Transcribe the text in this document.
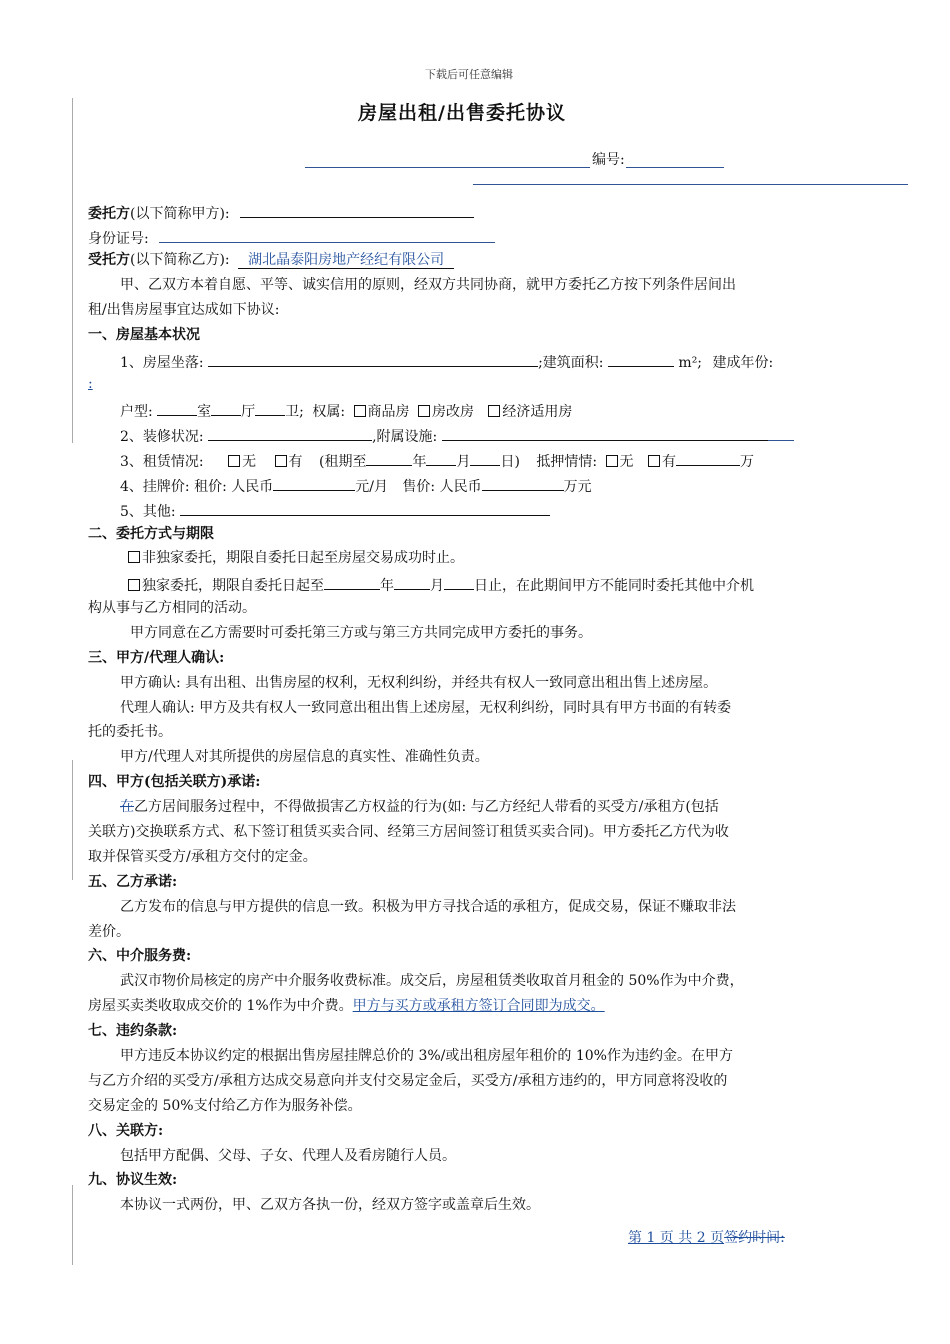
下载后可任意编辑
房屋出租/出售委托协议
编号:
委托方(以下简称甲方):
身份证号:
受托方(以下简称乙方): 湖北晶泰阳房地产经纪有限公司
甲、乙双方本着自愿、平等、诚实信用的原则，经双方共同协商，就甲方委托乙方按下列条件居间出
租/出售房屋事宜达成如下协议:
一、房屋基本状况
1、房屋坐落:	;建筑面积:	m²; 建成年份:
:
户型:	室 厅 卫; 权属: 商品房 房改房 经济适用房
2、装修状况:	,附属设施:
3、租赁情况:	无 有 (租期至	年 月 日) 抵押情情: 无 有	万
4、挂牌价: 租价: 人民币	元/月 售价: 人民币	万元
5、其他:
二、委托方式与期限
非独家委托，期限自委托日起至房屋交易成功时止。
独家委托，期限自委托日起至	年	月 日止，在此期间甲方不能同时委托其他中介机
构从事与乙方相同的活动。
甲方同意在乙方需要时可委托第三方或与第三方共同完成甲方委托的事务。
三、甲方/代理人确认:
甲方确认: 具有出租、出售房屋的权利，无权利纠纷，并经共有权人一致同意出租出售上述房屋。
代理人确认: 甲方及共有权人一致同意出租出售上述房屋，无权利纠纷，同时具有甲方书面的有转委
托的委托书。
甲方/代理人对其所提供的房屋信息的真实性、准确性负责。
四、甲方(包括关联方)承诺:
在乙方居间服务过程中，不得做损害乙方权益的行为(如: 与乙方经纪人带看的买受方/承租方(包括
关联方)交换联系方式、私下签订租赁买卖合同、经第三方居间签订租赁买卖合同)。甲方委托乙方代为收
取并保管买受方/承租方交付的定金。
五、乙方承诺:
乙方发布的信息与甲方提供的信息一致。积极为甲方寻找合适的承租方，促成交易，保证不赚取非法
差价。
六、中介服务费:
武汉市物价局核定的房产中介服务收费标准。成交后，房屋租赁类收取首月租金的 50%作为中介费，
房屋买卖类收取成交价的 1%作为中介费。甲方与买方或承租方签订合同即为成交。
七、违约条款:
甲方违反本协议约定的根据出售房屋挂牌总价的 3%/或出租房屋年租价的 10%作为违约金。在甲方
与乙方介绍的买受方/承租方达成交易意向并支付交易定金后，买受方/承租方违约的，甲方同意将没收的
交易定金的 50%支付给乙方作为服务补偿。
八、关联方:
包括甲方配偶、父母、子女、代理人及看房随行人员。
九、协议生效:
本协议一式两份，甲、乙双方各执一份，经双方签字或盖章后生效。
第 1 页 共 2 页签约时间:
